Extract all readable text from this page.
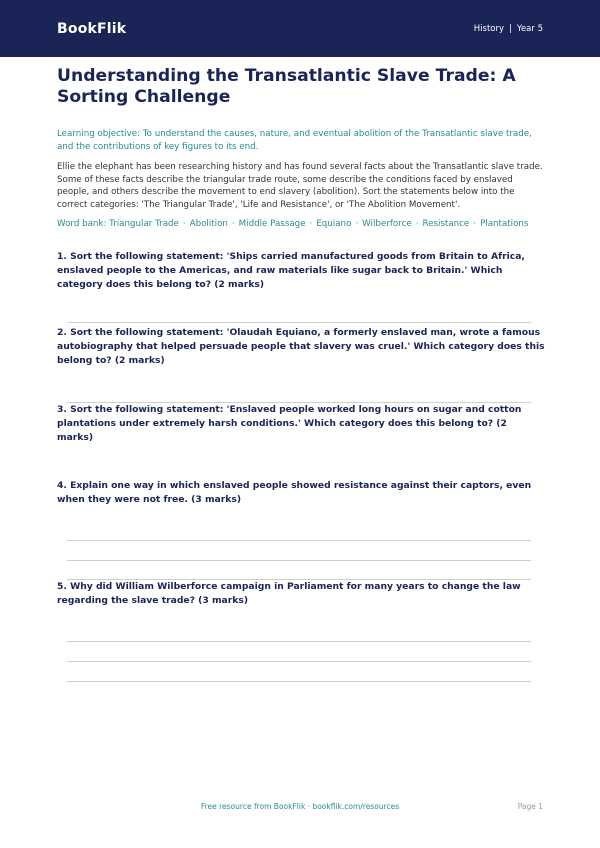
BookFlik	History | Year 5
Understanding the Transatlantic Slave Trade: A Sorting Challenge
Learning objective: To understand the causes, nature, and eventual abolition of the Transatlantic slave trade, and the contributions of key figures to its end.
Ellie the elephant has been researching history and has found several facts about the Transatlantic slave trade. Some of these facts describe the triangular trade route, some describe the conditions faced by enslaved people, and others describe the movement to end slavery (abolition). Sort the statements below into the correct categories: 'The Triangular Trade', 'Life and Resistance', or 'The Abolition Movement'.
Word bank: Triangular Trade · Abolition · Middle Passage · Equiano · Wilberforce · Resistance · Plantations
1. Sort the following statement: 'Ships carried manufactured goods from Britain to Africa, enslaved people to the Americas, and raw materials like sugar back to Britain.' Which category does this belong to? (2 marks)
2. Sort the following statement: 'Olaudah Equiano, a formerly enslaved man, wrote a famous autobiography that helped persuade people that slavery was cruel.' Which category does this belong to? (2 marks)
3. Sort the following statement: 'Enslaved people worked long hours on sugar and cotton plantations under extremely harsh conditions.' Which category does this belong to? (2 marks)
4. Explain one way in which enslaved people showed resistance against their captors, even when they were not free. (3 marks)
5. Why did William Wilberforce campaign in Parliament for many years to change the law regarding the slave trade? (3 marks)
Free resource from BookFlik · bookflik.com/resources	Page 1
